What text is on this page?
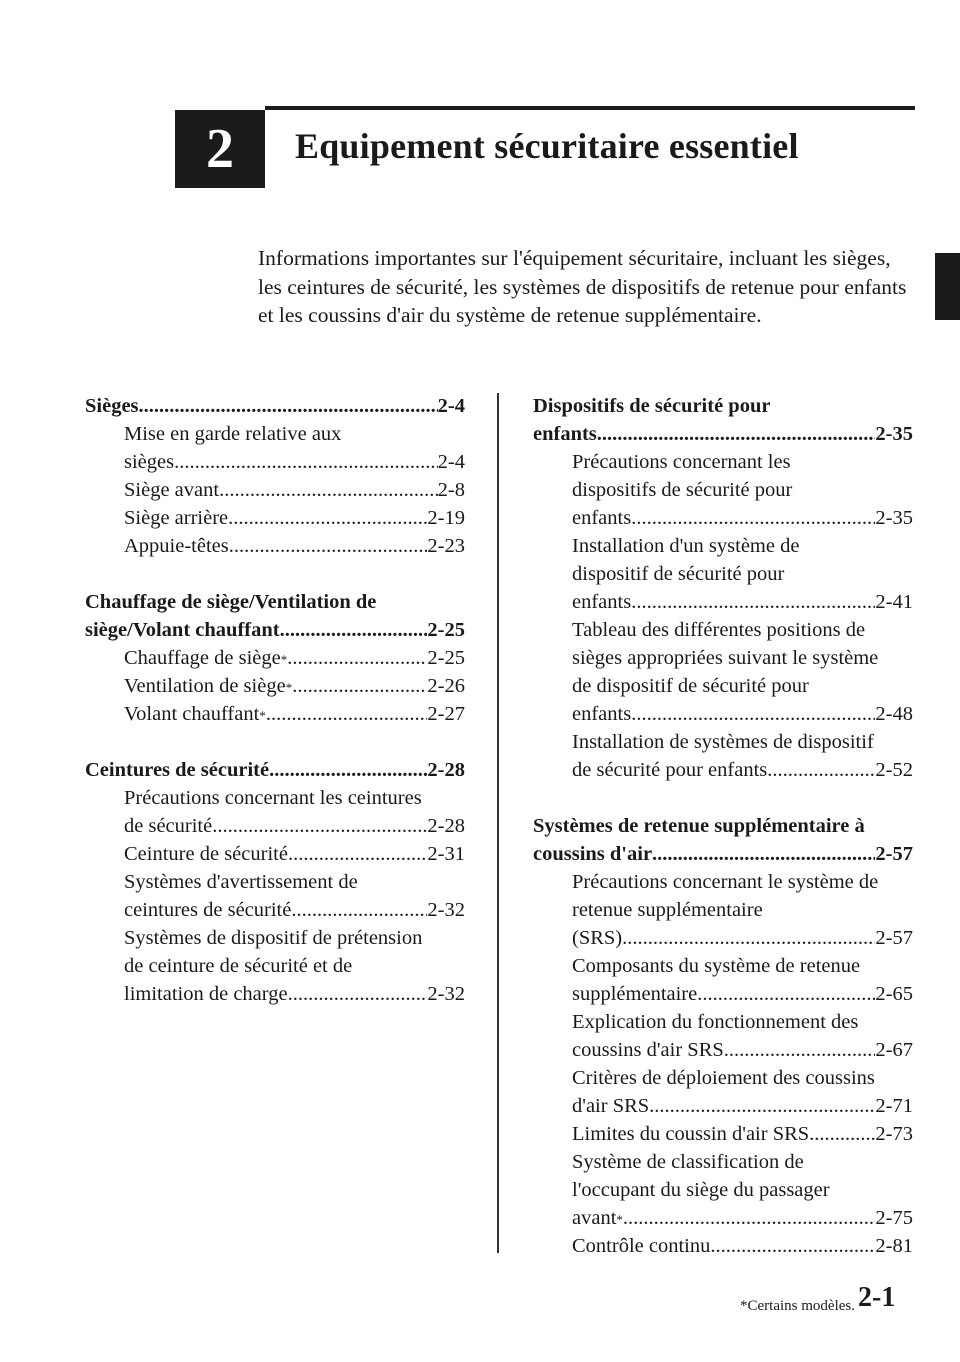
2 Equipement sécuritaire essentiel

Informations importantes sur l'équipement sécuritaire, incluant les sièges, les ceintures de sécurité, les systèmes de dispositifs de retenue pour enfants et les coussins d'air du système de retenue supplémentaire.

Sièges .....	2-4
Mise en garde relative aux
sièges .....	2-4
Siège avant .....	2-8
Siège arrière .....	2-19
Appuie-têtes .....	2-23
Chauffage de siège/Ventilation de
siège/Volant chauffant .....	2-25
Chauffage de siège * .....	2-25
Ventilation de siège * .....	2-26
Volant chauffant * .....	2-27
Ceintures de sécurité .....	2-28
Précautions concernant les ceintures
de sécurité .....	2-28
Ceinture de sécurité .....	2-31
Systèmes d'avertissement de
ceintures de sécurité .....	2-32
Systèmes de dispositif de prétension
de ceinture de sécurité et de
limitation de charge .....	2-32
Dispositifs de sécurité pour
enfants .....	2-35
Précautions concernant les
dispositifs de sécurité pour
enfants .....	2-35
Installation d'un système de
dispositif de sécurité pour
enfants .....	2-41
Tableau des différentes positions de
sièges appropriées suivant le système
de dispositif de sécurité pour
enfants .....	2-48
Installation de systèmes de dispositif
de sécurité pour enfants .....	2-52
Systèmes de retenue supplémentaire à
coussins d'air .....	2-57
Précautions concernant le système de
retenue supplémentaire
(SRS) .....	2-57
Composants du système de retenue
supplémentaire .....	2-65
Explication du fonctionnement des
coussins d'air SRS .....	2-67
Critères de déploiement des coussins
d'air SRS .....	2-71
Limites du coussin d'air SRS .....	2-73
Système de classification de
l'occupant du siège du passager
avant * .....	2-75
Contrôle continu .....	2-81
*Certains modèles. 2-1
